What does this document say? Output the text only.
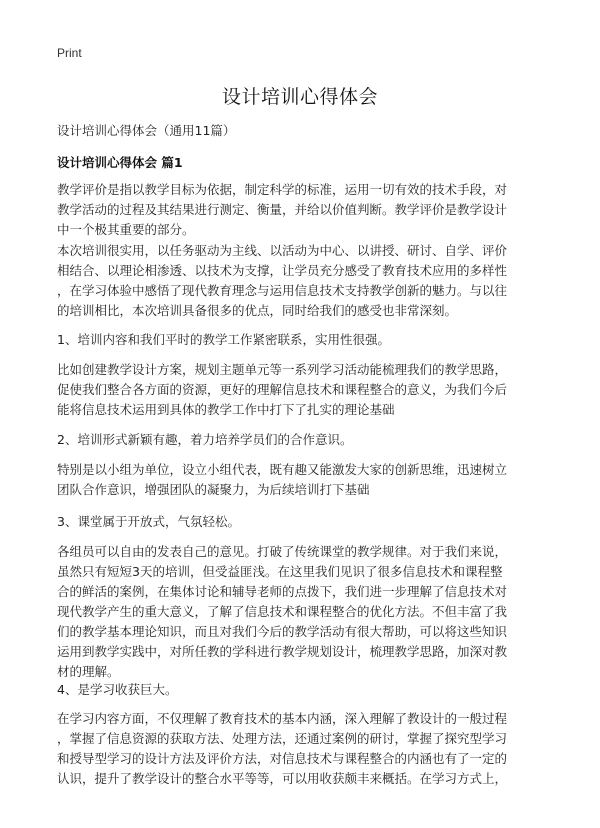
Print
设计培训心得体会
设计培训心得体会（通用11篇）
设计培训心得体会 篇1
教学评价是指以教学目标为依据，制定科学的标准，运用一切有效的技术手段，对
教学活动的过程及其结果进行测定、衡量，并给以价值判断。教学评价是教学设计
中一个极其重要的部分。
本次培训很实用，以任务驱动为主线、以活动为中心、以讲授、研讨、自学、评价
相结合、以理论相渗透、以技术为支撑，让学员充分感受了教育技术应用的多样性
，在学习体验中感悟了现代教育理念与运用信息技术支持教学创新的魅力。与以往
的培训相比，本次培训具备很多的优点，同时给我们的感受也非常深刻。
1、培训内容和我们平时的教学工作紧密联系，实用性很强。
比如创建教学设计方案，规划主题单元等一系列学习活动能梳理我们的教学思路，
促使我们整合各方面的资源，更好的理解信息技术和课程整合的意义，为我们今后
能将信息技术运用到具体的教学工作中打下了扎实的理论基础
2、培训形式新颖有趣，着力培养学员们的合作意识。
特别是以小组为单位，设立小组代表，既有趣又能激发大家的创新思维，迅速树立
团队合作意识，增强团队的凝聚力，为后续培训打下基础
3、课堂属于开放式，气氛轻松。
各组员可以自由的发表自己的意见。打破了传统课堂的教学规律。对于我们来说，
虽然只有短短3天的培训，但受益匪浅。在这里我们见识了很多信息技术和课程整
合的鲜活的案例，在集体讨论和辅导老师的点拨下，我们进一步理解了信息技术对
现代教学产生的重大意义，了解了信息技术和课程整合的优化方法。不但丰富了我
们的教学基本理论知识，而且对我们今后的教学活动有很大帮助，可以将这些知识
运用到教学实践中，对所任教的学科进行教学规划设计，梳理教学思路，加深对教
材的理解。
4、是学习收获巨大。
在学习内容方面，不仅理解了教育技术的基本内涵，深入理解了教设计的一般过程
，掌握了信息资源的获取方法、处理方法，还通过案例的研讨，掌握了探究型学习
和授导型学习的设计方法及评价方法，对信息技术与课程整合的内涵也有了一定的
认识，提升了教学设计的整合水平等等，可以用收获颇丰来概括。在学习方式上，
